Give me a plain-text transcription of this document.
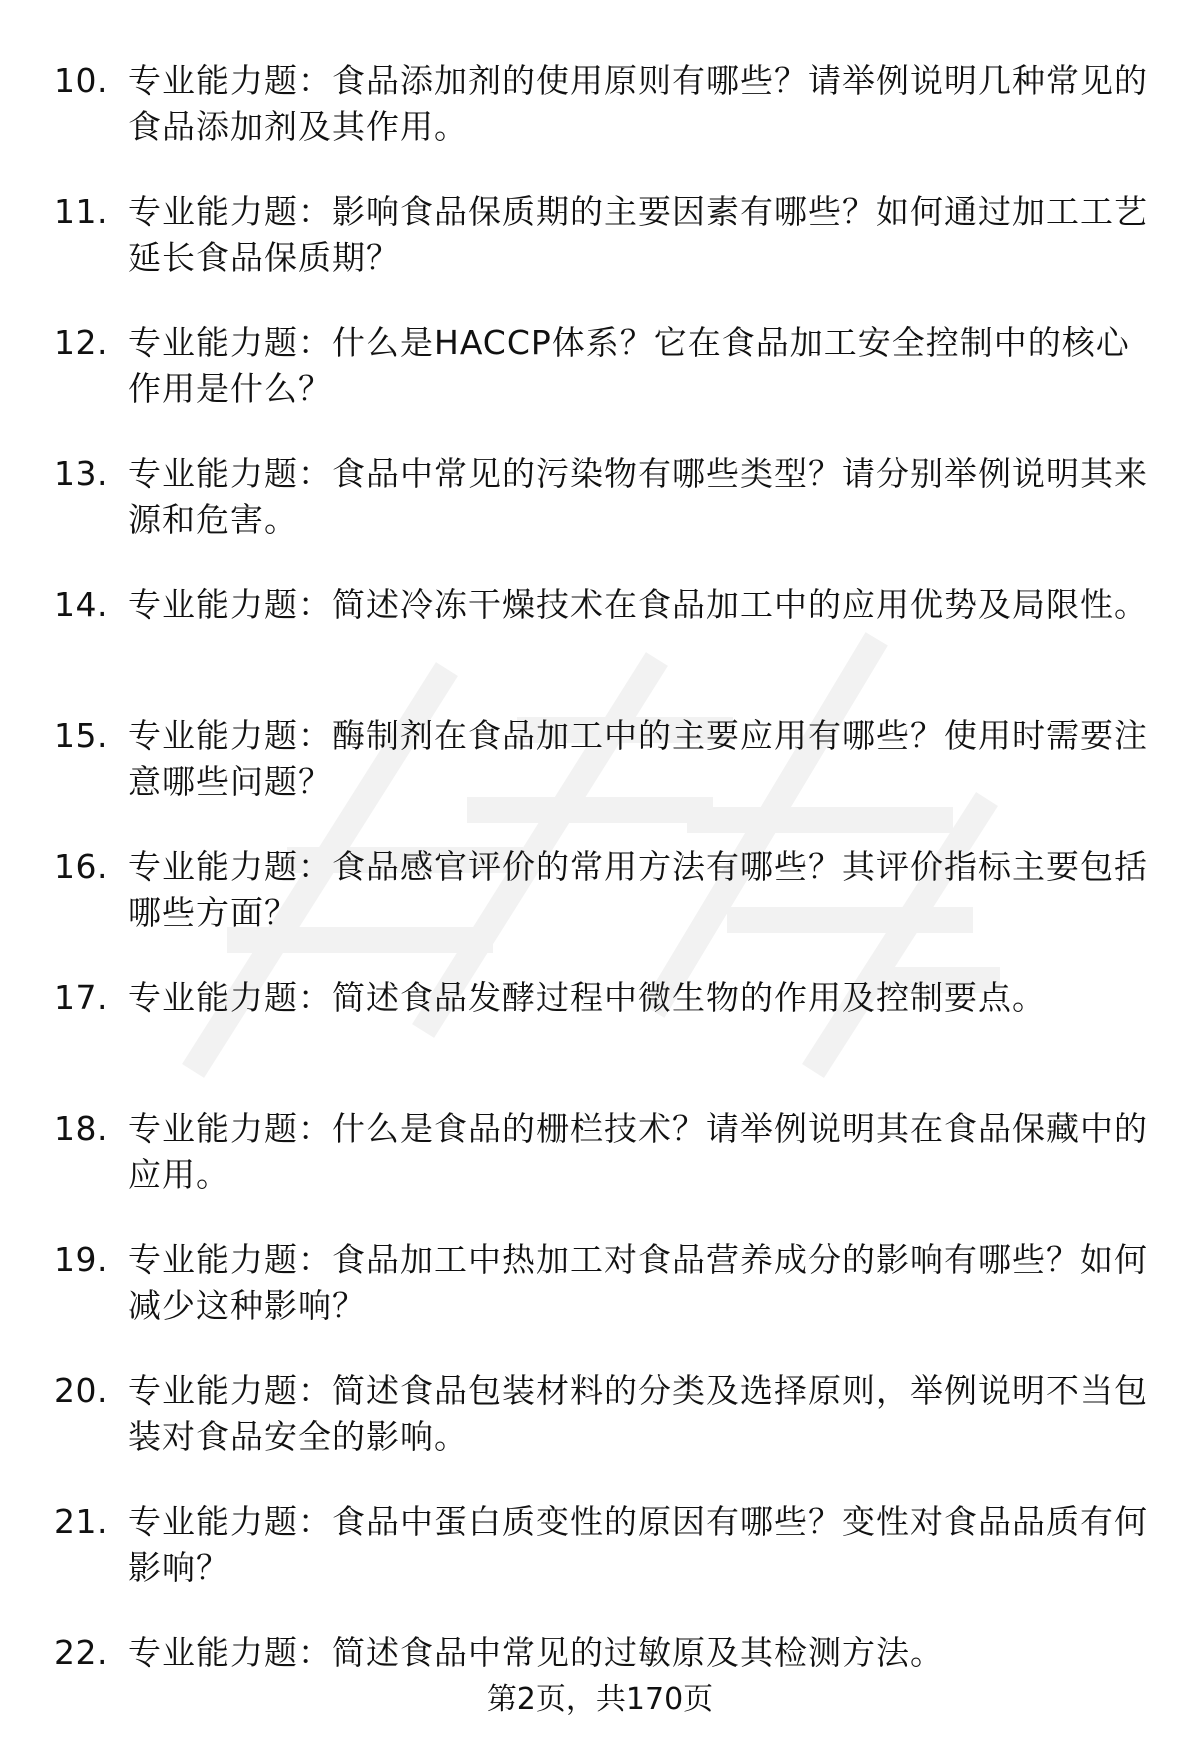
10. 专业能力题：食品添加剂的使用原则有哪些？请举例说明几种常见的食品添加剂及其作用。
11. 专业能力题：影响食品保质期的主要因素有哪些？如何通过加工工艺延长食品保质期？
12. 专业能力题：什么是HACCP体系？它在食品加工安全控制中的核心作用是什么？
13. 专业能力题：食品中常见的污染物有哪些类型？请分别举例说明其来源和危害。
14. 专业能力题：简述冷冻干燥技术在食品加工中的应用优势及局限性。
15. 专业能力题：酶制剂在食品加工中的主要应用有哪些？使用时需要注意哪些问题？
16. 专业能力题：食品感官评价的常用方法有哪些？其评价指标主要包括哪些方面？
17. 专业能力题：简述食品发酵过程中微生物的作用及控制要点。
18. 专业能力题：什么是食品的栅栏技术？请举例说明其在食品保藏中的应用。
19. 专业能力题：食品加工中热加工对食品营养成分的影响有哪些？如何减少这种影响？
20. 专业能力题：简述食品包装材料的分类及选择原则，举例说明不当包装对食品安全的影响。
21. 专业能力题：食品中蛋白质变性的原因有哪些？变性对食品品质有何影响？
22. 专业能力题：简述食品中常见的过敏原及其检测方法。
第2页，共170页
